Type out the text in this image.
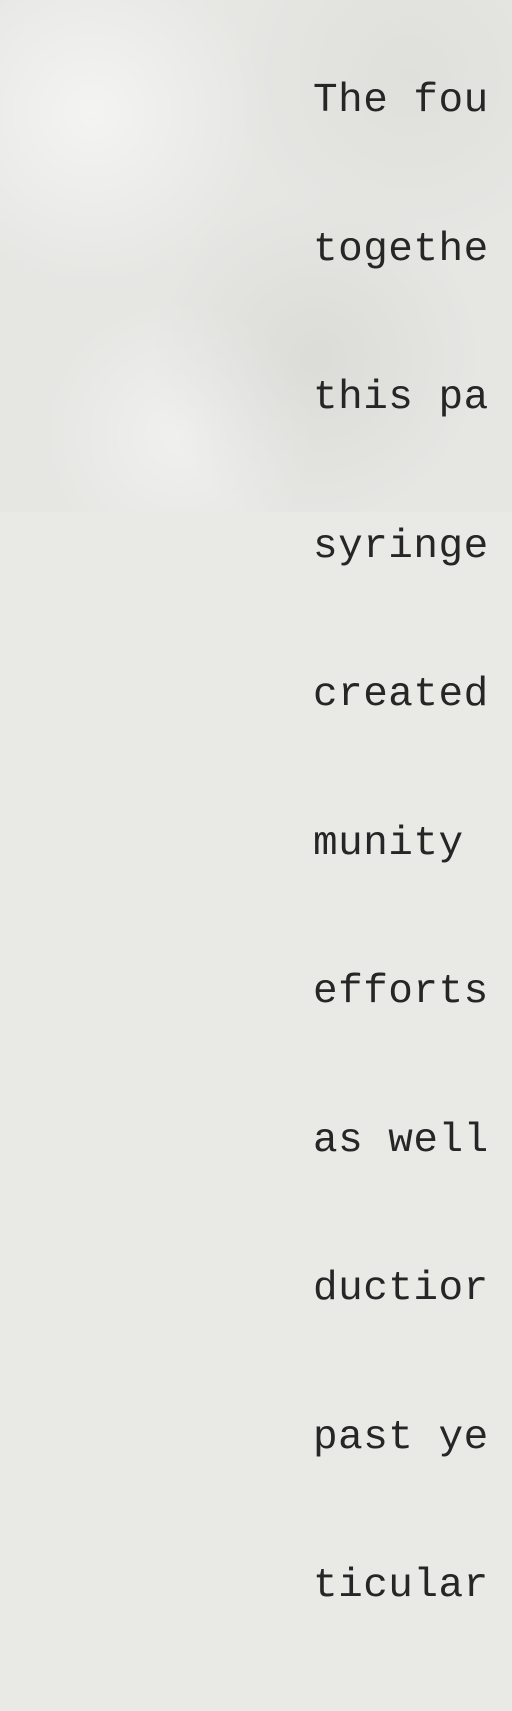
The fou

togethe

this pa

syringe

created

munity

efforts

as well

ductior

past ye

ticular
